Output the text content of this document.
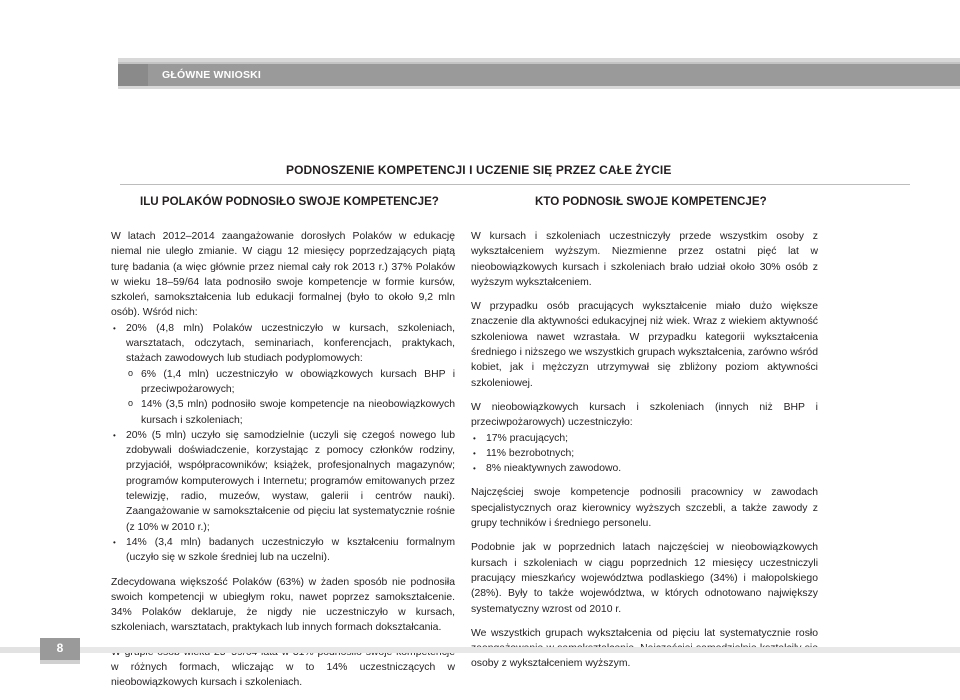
GŁÓWNE WNIOSKI
PODNOSZENIE KOMPETENCJI I UCZENIE SIĘ PRZEZ CAŁE ŻYCIE
ILU POLAKÓW PODNOSIŁO SWOJE KOMPETENCJE?	KTO PODNOSIŁ SWOJE KOMPETENCJE?

W latach 2012–2014 zaangażowanie dorosłych Polaków w edukację niemal nie uległo zmianie. W ciągu 12 miesięcy poprzedzających piątą turę badania (a więc głównie przez niemal cały rok 2013 r.) 37% Polaków w wieku 18–59/64 lata podnosiło swoje kompetencje w formie kursów, szkoleń, samokształcenia lub edukacji formalnej (było to około 9,2 mln osób). Wśród nich:

• 20% (4,8 mln) Polaków uczestniczyło w kursach, szkoleniach, warsztatach, odczytach, seminariach, konferencjach, praktykach, stażach zawodowych lub studiach podyplomowych:
o 6% (1,4 mln) uczestniczyło w obowiązkowych kursach BHP i przeciwpożarowych;
o 14% (3,5 mln) podnosiło swoje kompetencje na nieobowiązkowych kursach i szkoleniach;
• 20% (5 mln) uczyło się samodzielnie (uczyli się czegoś nowego lub zdobywali doświadczenie, korzystając z pomocy członków rodziny, przyjaciół, współpracowników; książek, profesjonalnych magazynów; programów komputerowych i Internetu; programów emitowanych przez telewizję, radio, muzeów, wystaw, galerii i centrów nauki). Zaangażowanie w samokształcenie od pięciu lat systematycznie rośnie (z 10% w 2010 r.);
• 14% (3,4 mln) badanych uczestniczyło w kształceniu formalnym (uczyło się w szkole średniej lub na uczelni).

Zdecydowana większość Polaków (63%) w żaden sposób nie podnosiła swoich kompetencji w ubiegłym roku, nawet poprzez samokształcenie. 34% Polaków deklaruje, że nigdy nie uczestniczyło w kursach, szkoleniach, warsztatach, praktykach lub innych formach dokształcania.

w różnych formach, wliczając w to 14% uczestniczących w nieobowiązkowych kursach i szkoleniach.

W kursach i szkoleniach uczestniczyły przede wszystkim osoby z wykształceniem wyższym. Niezmienne przez ostatni pięć lat w nieobowiązkowych kursach i szkoleniach brało udział około 30% osób z wyższym wykształceniem.

W przypadku osób pracujących wykształcenie miało dużo większe znaczenie dla aktywności edukacyjnej niż wiek. Wraz z wiekiem aktywność szkoleniowa nawet wzrastała. W przypadku kategorii wykształcenia średniego i niższego we wszystkich grupach wykształcenia, zarówno wśród kobiet, jak i mężczyzn utrzymywał się zbliżony poziom aktywności szkoleniowej.

W nieobowiązkowych kursach i szkoleniach (innych niż BHP i przeciwpożarowych) uczestniczyło:

• 17% pracujących;
• 11% bezrobotnych;
• 8% nieaktywnych zawodowo.

Najczęściej swoje kompetencje podnosili pracownicy w zawodach specjalistycznych oraz kierownicy wyższych szczebli, a także zawody z grupy techników i średniego personelu.

Podobnie jak w poprzednich latach najczęściej w nieobowiązkowych kursach i szkoleniach w ciągu poprzednich 12 miesięcy uczestniczyli pracujący mieszkańcy województwa podlaskiego (34%) i małopolskiego (28%). Były to także województwa, w których odnotowano największy systematyczny wzrost od 2010 r.

We wszystkich grupach wykształcenia od pięciu lat systematycznie rosło osoby z wykształceniem wyższym.

8
